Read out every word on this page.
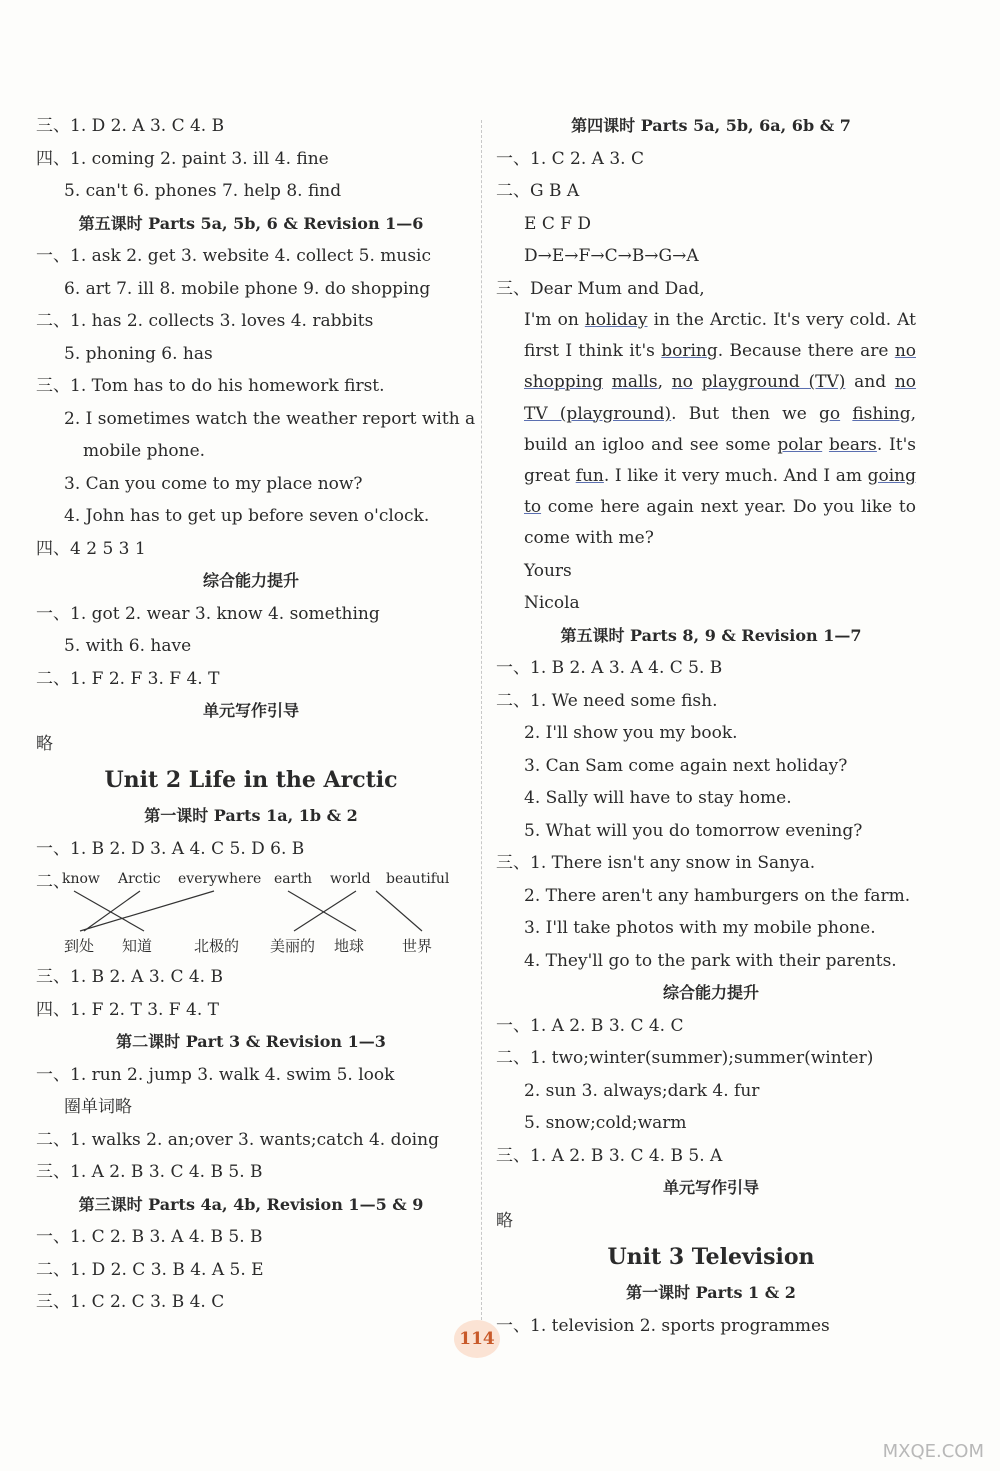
三、1. D 2. A 3. C 4. B
四、1. coming 2. paint 3. ill 4. fine
5. can't 6. phones 7. help 8. find
第五课时 Parts 5a, 5b, 6 & Revision 1—6
一、1. ask 2. get 3. website 4. collect 5. music
6. art 7. ill 8. mobile phone 9. do shopping
二、1. has 2. collects 3. loves 4. rabbits
5. phoning 6. has
三、1. Tom has to do his homework first.
2. I sometimes watch the weather report with a
mobile phone.
3. Can you come to my place now?
4. John has to get up before seven o'clock.
四、4 2 5 3 1
综合能力提升
一、1. got 2. wear 3. know 4. something
5. with 6. have
二、1. F 2. F 3. F 4. T
单元写作引导
略
Unit 2 Life in the Arctic
第一课时 Parts 1a, 1b & 2
一、1. B 2. D 3. A 4. C 5. D 6. B
二、
know Arctic everywhere earth world beautiful
到处 知道	北极的 美丽的 地球	世界
三、1. B 2. A 3. C 4. B
四、1. F 2. T 3. F 4. T
第二课时 Part 3 & Revision 1—3
一、1. run 2. jump 3. walk 4. swim 5. look
圈单词略
二、1. walks 2. an;over 3. wants;catch 4. doing
三、1. A 2. B 3. C 4. B 5. B
第三课时 Parts 4a, 4b, Revision 1—5 & 9
一、1. C 2. B 3. A 4. B 5. B
二、1. D 2. C 3. B 4. A 5. E
三、1. C 2. C 3. B 4. C
第四课时 Parts 5a, 5b, 6a, 6b & 7
一、1. C 2. A 3. C
二、G B A
E C F D
D→E→F→C→B→G→A
三、Dear Mum and Dad,
I'm on holiday in the Arctic. It's very cold. At first I think it's boring. Because there are no shopping malls, no playground (TV) and no TV (playground). But then we go fishing, build an igloo and see some polar bears. It's great fun. I like it very much. And I am going to come here again next year. Do you like to come with me?
Yours
Nicola
第五课时 Parts 8, 9 & Revision 1—7
一、1. B 2. A 3. A 4. C 5. B
二、1. We need some fish.
2. I'll show you my book.
3. Can Sam come again next holiday?
4. Sally will have to stay home.
5. What will you do tomorrow evening?
三、1. There isn't any snow in Sanya.
2. There aren't any hamburgers on the farm.
3. I'll take photos with my mobile phone.
4. They'll go to the park with their parents.
综合能力提升
一、1. A 2. B 3. C 4. C
二、1. two;winter(summer);summer(winter)
2. sun 3. always;dark 4. fur
5. snow;cold;warm
三、1. A 2. B 3. C 4. B 5. A
单元写作引导
略
Unit 3 Television
第一课时 Parts 1 & 2
一、1. television 2. sports programmes
114
MXQE.COM
